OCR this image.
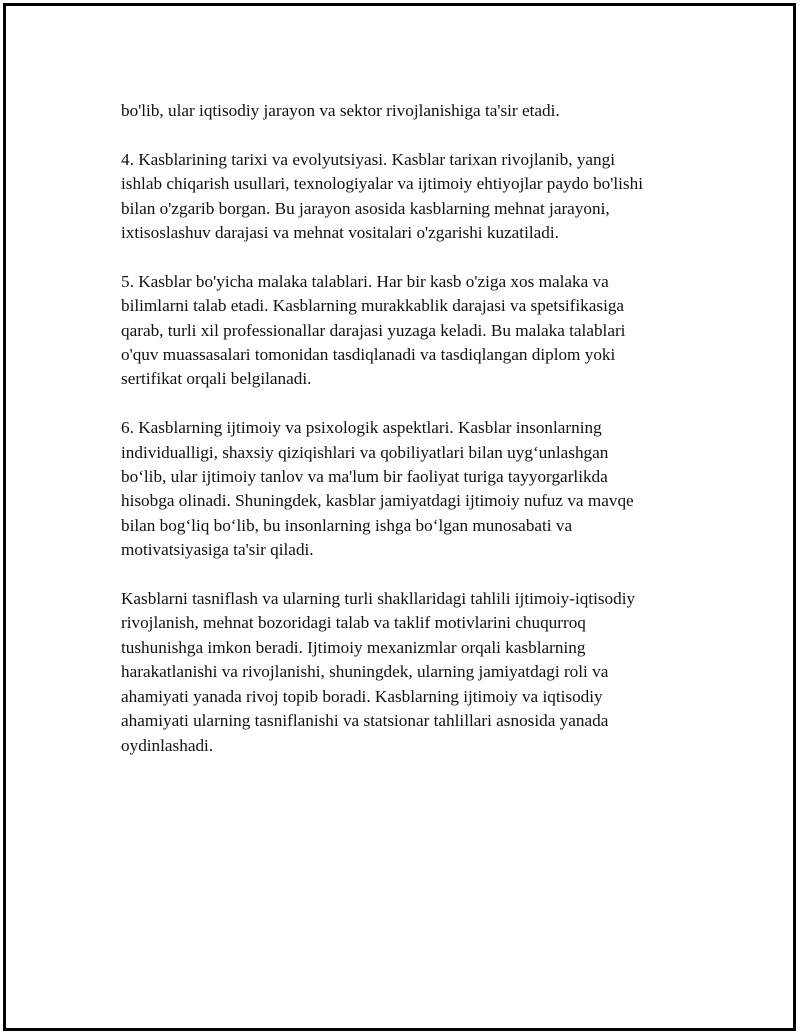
bo'lib, ular iqtisodiy jarayon va sektor rivojlanishiga ta'sir etadi.

4. Kasblarining tarixi va evolyutsiyasi. Kasblar tarixan rivojlanib, yangi
ishlab chiqarish usullari, texnologiyalar va ijtimoiy ehtiyojlar paydo bo'lishi
bilan o'zgarib borgan. Bu jarayon asosida kasblarning mehnat jarayoni,
ixtisoslashuv darajasi va mehnat vositalari o'zgarishi kuzatiladi.

5. Kasblar bo'yicha malaka talablari. Har bir kasb o'ziga xos malaka va
bilimlarni talab etadi. Kasblarning murakkablik darajasi va spetsifikasiga
qarab, turli xil professionallar darajasi yuzaga keladi. Bu malaka talablari
o'quv muassasalari tomonidan tasdiqlanadi va tasdiqlangan diplom yoki
sertifikat orqali belgilanadi.

6. Kasblarning ijtimoiy va psixologik aspektlari. Kasblar insonlarning
individualligi, shaxsiy qiziqishlari va qobiliyatlari bilan uyg‘unlashgan
bo‘lib, ular ijtimoiy tanlov va ma'lum bir faoliyat turiga tayyorgarlikda
hisobga olinadi. Shuningdek, kasblar jamiyatdagi ijtimoiy nufuz va mavqe
bilan bog‘liq bo‘lib, bu insonlarning ishga bo‘lgan munosabati va
motivatsiyasiga ta'sir qiladi.

Kasblarni tasniflash va ularning turli shakllaridagi tahlili ijtimoiy-iqtisodiy
rivojlanish, mehnat bozoridagi talab va taklif motivlarini chuqurroq
tushunishga imkon beradi. Ijtimoiy mexanizmlar orqali kasblarning
harakatlanishi va rivojlanishi, shuningdek, ularning jamiyatdagi roli va
ahamiyati yanada rivoj topib boradi. Kasblarning ijtimoiy va iqtisodiy
ahamiyati ularning tasniflanishi va statsionar tahlillari asnosida yanada
oydinlashadi.
